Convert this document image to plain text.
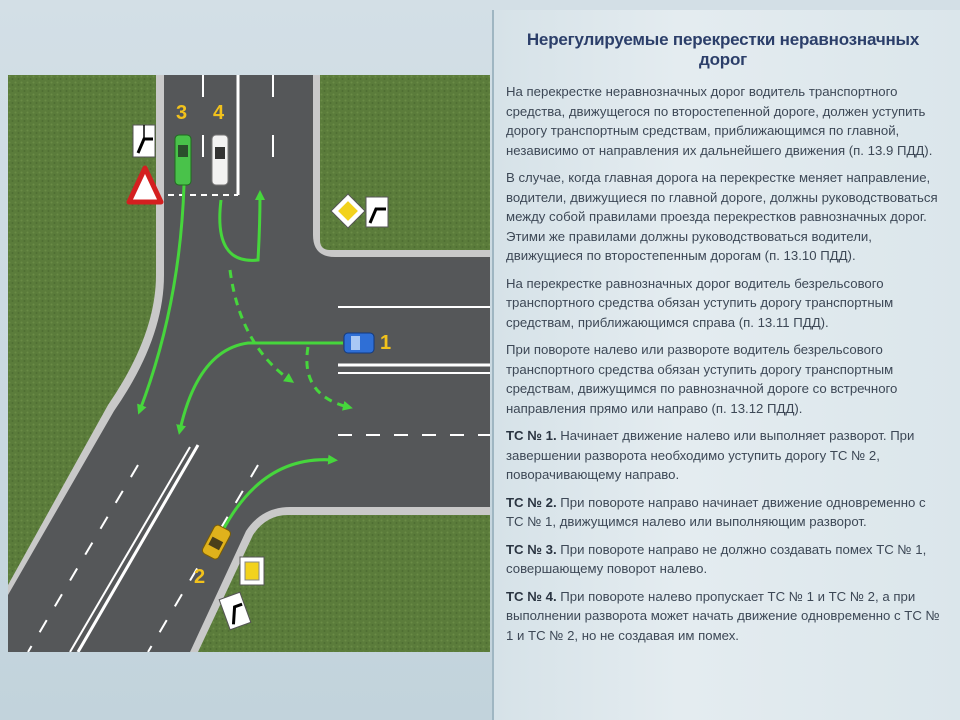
1
2
3 4
Нерегулируемые перекрестки неравнозначных дорог

На перекрестке неравнозначных дорог водитель транспортного средства, движущегося по второстепенной дороге, должен уступить дорогу транспортным средствам, приближающимся по главной, независимо от направления их дальнейшего движения (п. 13.9 ПДД).

В случае, когда главная дорога на перекрестке меняет направление, водители, движущиеся по главной дороге, должны руководствоваться между собой правилами проезда перекрестков равнозначных дорог. Этими же правилами должны руководствоваться водители, движущиеся по второстепенным дорогам (п. 13.10 ПДД).

На перекрестке равнозначных дорог водитель безрельсового транспортного средства обязан уступить дорогу транспортным средствам, приближающимся справа (п. 13.11 ПДД).

При повороте налево или развороте водитель безрельсового транспортного средства обязан уступить дорогу транспортным средствам, движущимся по равнозначной дороге со встречного направления прямо или направо (п. 13.12 ПДД).

ТС № 1. Начинает движение налево или выполняет разворот. При завершении разворота необходимо уступить дорогу ТС № 2, поворачивающему направо.

ТС № 2. При повороте направо начинает движение одновременно с ТС № 1, движущимся налево или выполняющим разворот.

ТС № 3. При повороте направо не должно создавать помех ТС № 1, совершающему поворот налево.

ТС № 4. При повороте налево пропускает ТС № 1 и ТС № 2, а при выполнении разворота может начать движение одновременно с ТС № 1 и ТС № 2, но не создавая им помех.
